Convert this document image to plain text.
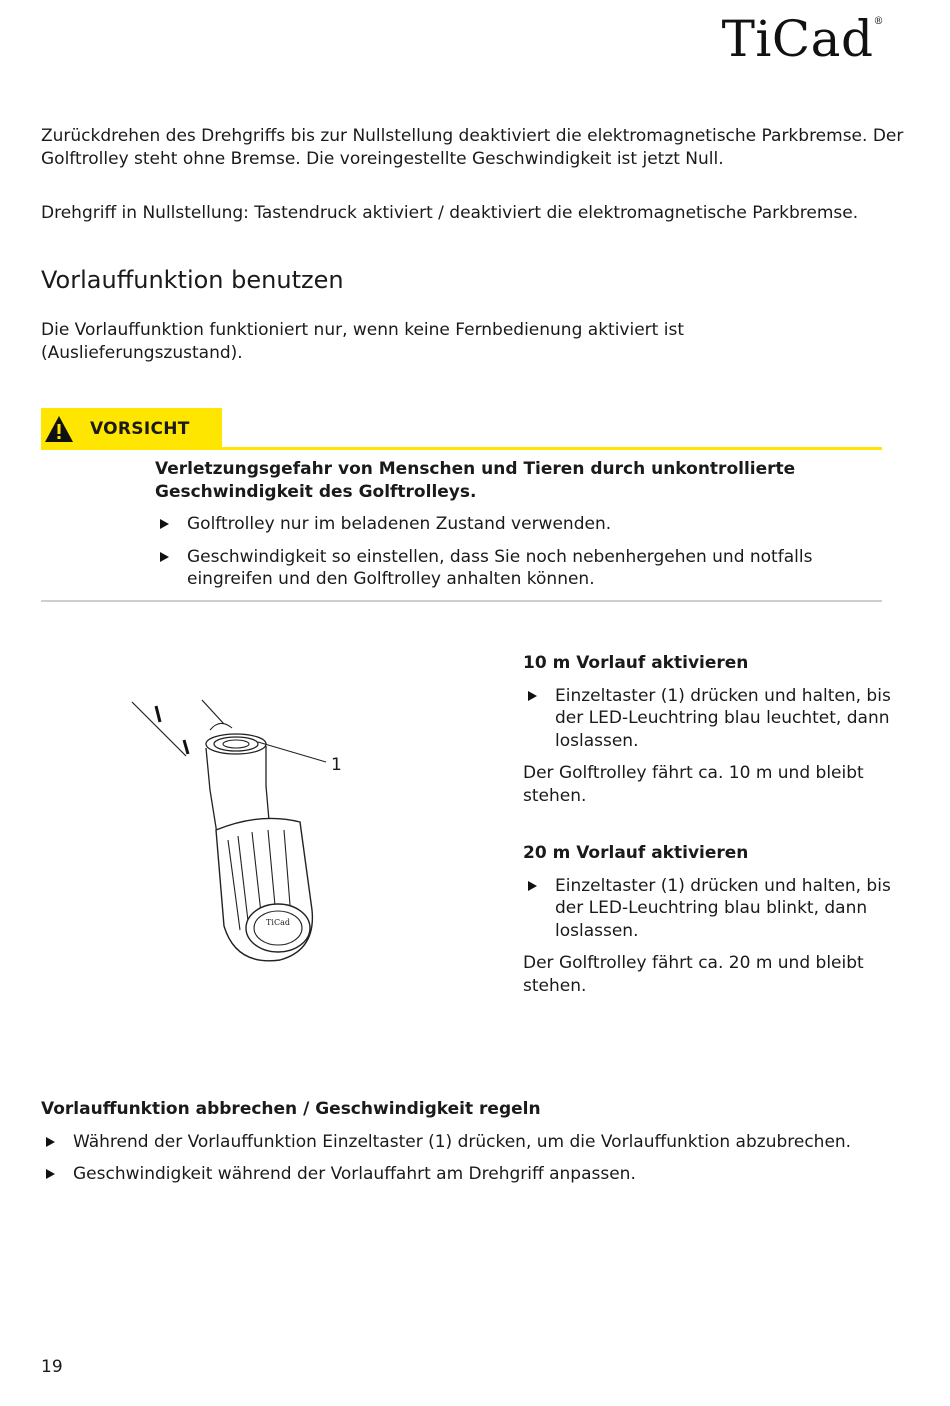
TiCad®

Zurückdrehen des Drehgriffs bis zur Nullstellung deaktiviert die elektromagnetische Parkbremse. Der Golftrolley steht ohne Bremse. Die voreingestellte Geschwindigkeit ist jetzt Null.

Drehgriff in Nullstellung: Tastendruck aktiviert / deaktiviert die elektromagnetische Parkbremse.

Vorlauffunktion benutzen

Die Vorlauffunktion funktioniert nur, wenn keine Fernbedienung aktiviert ist (Auslieferungszustand).

VORSICHT

Verletzungsgefahr von Menschen und Tieren durch unkontrollierte Geschwindigkeit des Golftrolleys.

Golftrolley nur im beladenen Zustand verwenden.
Geschwindigkeit so einstellen, dass Sie noch nebenhergehen und notfalls eingreifen und den Golftrolley anhalten können.
TiCad
1

10 m Vorlauf aktivieren

Einzeltaster (1) drücken und halten, bis der LED-Leuchtring blau leuchtet, dann loslassen.

Der Golftrolley fährt ca. 10 m und bleibt stehen.

20 m Vorlauf aktivieren

Einzeltaster (1) drücken und halten, bis der LED-Leuchtring blau blinkt, dann loslassen.

Der Golftrolley fährt ca. 20 m und bleibt stehen.

Vorlauffunktion abbrechen / Geschwindigkeit regeln

Während der Vorlauffunktion Einzeltaster (1) drücken, um die Vorlauffunktion abzubrechen.
Geschwindigkeit während der Vorlauffahrt am Drehgriff anpassen.
19
